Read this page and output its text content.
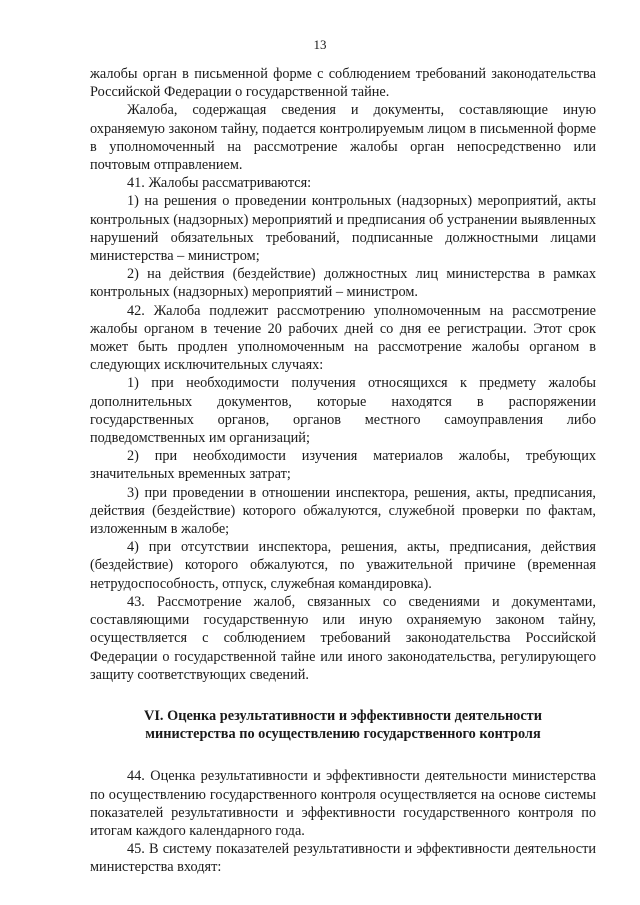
13

жалобы орган в письменной форме с соблюдением требований законодательства Российской Федерации о государственной тайне.

Жалоба, содержащая сведения и документы, составляющие иную охраняемую законом тайну, подается контролируемым лицом в письменной форме в уполномоченный на рассмотрение жалобы орган непосредственно или почтовым отправлением.

41. Жалобы рассматриваются:

1) на решения о проведении контрольных (надзорных) мероприятий, акты контрольных (надзорных) мероприятий и предписания об устранении выявленных нарушений обязательных требований, подписанные должностными лицами министерства – министром;

2) на действия (бездействие) должностных лиц министерства в рамках контрольных (надзорных) мероприятий – министром.

42. Жалоба подлежит рассмотрению уполномоченным на рассмотрение жалобы органом в течение 20 рабочих дней со дня ее регистрации. Этот срок может быть продлен уполномоченным на рассмотрение жалобы органом в следующих исключительных случаях:

1) при необходимости получения относящихся к предмету жалобы дополнительных документов, которые находятся в распоряжении государственных органов, органов местного самоуправления либо подведомственных им организаций;

2) при необходимости изучения материалов жалобы, требующих значительных временных затрат;

3) при проведении в отношении инспектора, решения, акты, предписания, действия (бездействие) которого обжалуются, служебной проверки по фактам, изложенным в жалобе;

4) при отсутствии инспектора, решения, акты, предписания, действия (бездействие) которого обжалуются, по уважительной причине (временная нетрудоспособность, отпуск, служебная командировка).

43. Рассмотрение жалоб, связанных со сведениями и документами, составляющими государственную или иную охраняемую законом тайну, осуществляется с соблюдением требований законодательства Российской Федерации о государственной тайне или иного законодательства, регулирующего защиту соответствующих сведений.

VI. Оценка результативности и эффективности деятельности
министерства по осуществлению государственного контроля

44. Оценка результативности и эффективности деятельности министерства по осуществлению государственного контроля осуществляется на основе системы показателей результативности и эффективности государственного контроля по итогам каждого календарного года.

45. В систему показателей результативности и эффективности деятельности министерства входят:
